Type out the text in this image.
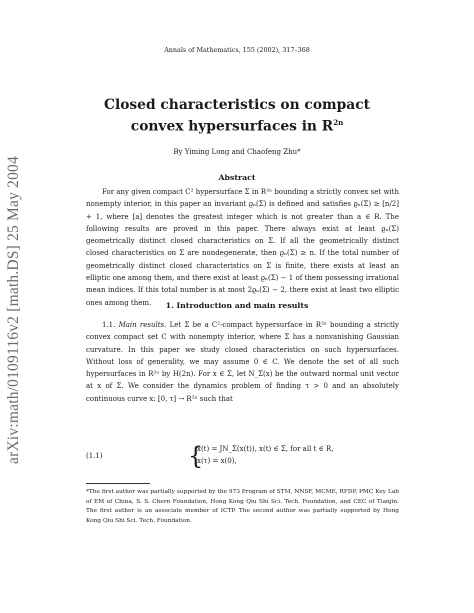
arXiv:math/0109116v2 [math.DS] 25 May 2004
Annals of Mathematics, 155 (2002), 317–368
Closed characteristics on compact
convex hypersurfaces in $R^{2n}$
By Yiming Long and Chaofeng Zhu*
Abstract

For any given compact C² hypersurface Σ in R²ⁿ bounding a strictly convex set with nonempty interior, in this paper an invariant ϱₙ(Σ) is defined and satisfies ϱₙ(Σ) ≥ [n/2] + 1, where [a] denotes the greatest integer which is not greater than a ∈ R. The following results are proved in this paper. There always exist at least ϱₙ(Σ) geometrically distinct closed characteristics on Σ. If all the geometrically distinct closed characteristics on Σ are nondegenerate, then ϱₙ(Σ) ≥ n. If the total number of geometrically distinct closed characteristics on Σ is finite, there exists at least an elliptic one among them, and there exist at least ϱₙ(Σ) − 1 of them possessing irrational mean indices. If this total number is at most 2ϱₙ(Σ) − 2, there exist at least two elliptic ones among them.	1. Introduction and main results

1.1. Main results. Let Σ be a C²-compact hypersurface in R²ⁿ bounding a strictly convex compact set C with nonempty interior, where Σ has a nonvanishing Gaussian curvature. In this paper we study closed characteristics on such hypersurfaces. Without loss of generality, we may assume 0 ∈ C. We denote the set of all such hypersurfaces in R²ⁿ by H(2n). For x ∈ Σ, let N_Σ(x) be the outward normal unit vector at x of Σ. We consider the dynamics problem of finding τ > 0 and an absolutely continuous curve x: [0, τ] → R²ⁿ such that

(1.1)	{
ẋ(t) = JN_Σ(x(t)), x(t) ∈ Σ, for all t ∈ R,
x(τ) = x(0),

*The first author was partially supported by the 973 Program of STM, NNSF, MCME, RFDP, PMC Key Lab of EM of China, S. S. Chern Foundation, Hong Kong Qiu Shi Sci. Tech. Foundation, and CEC of Tianjin. The first author is an associate member of ICTP. The second author was partially supported by Hong Kong Qiu Shi Sci. Tech. Foundation.
